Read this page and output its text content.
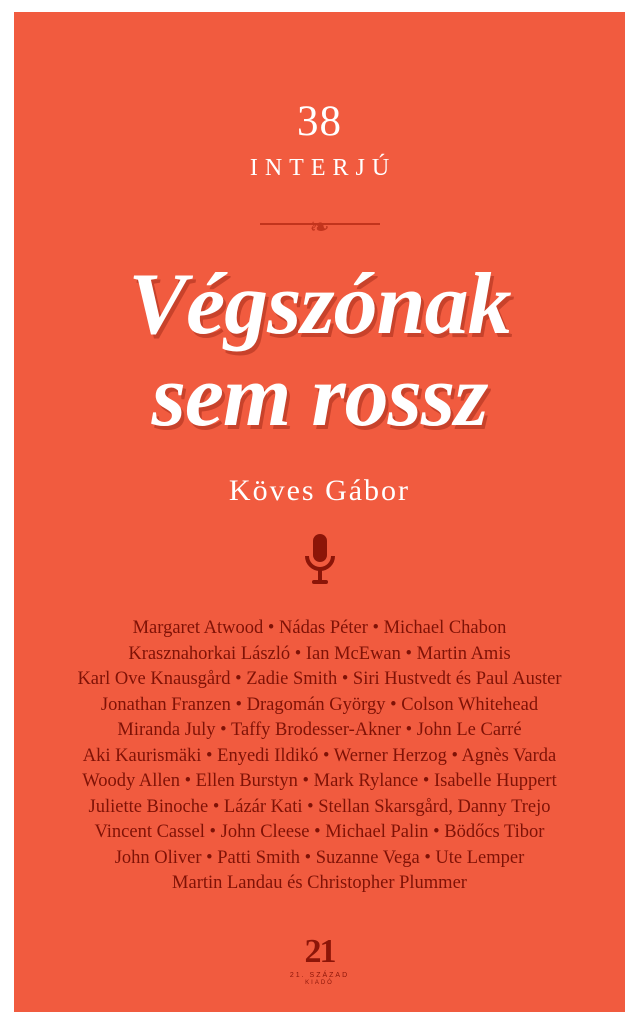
38
INTERJÚ
❧
Végszónak
sem rossz
Köves Gábor
Margaret Atwood • Nádas Péter • Michael Chabon
Krasznahorkai László • Ian McEwan • Martin Amis
Karl Ove Knausgård • Zadie Smith • Siri Hustvedt és Paul Auster
Jonathan Franzen • Dragomán György • Colson Whitehead
Miranda July • Taffy Brodesser-Akner • John Le Carré
Aki Kaurismäki • Enyedi Ildikó • Werner Herzog • Agnès Varda
Woody Allen • Ellen Burstyn • Mark Rylance • Isabelle Huppert
Juliette Binoche • Lázár Kati • Stellan Skarsgård, Danny Trejo
Vincent Cassel • John Cleese • Michael Palin • Bödőcs Tibor
John Oliver • Patti Smith • Suzanne Vega • Ute Lemper
Martin Landau és Christopher Plummer
21
21. SZÁZAD
KIADÓ
